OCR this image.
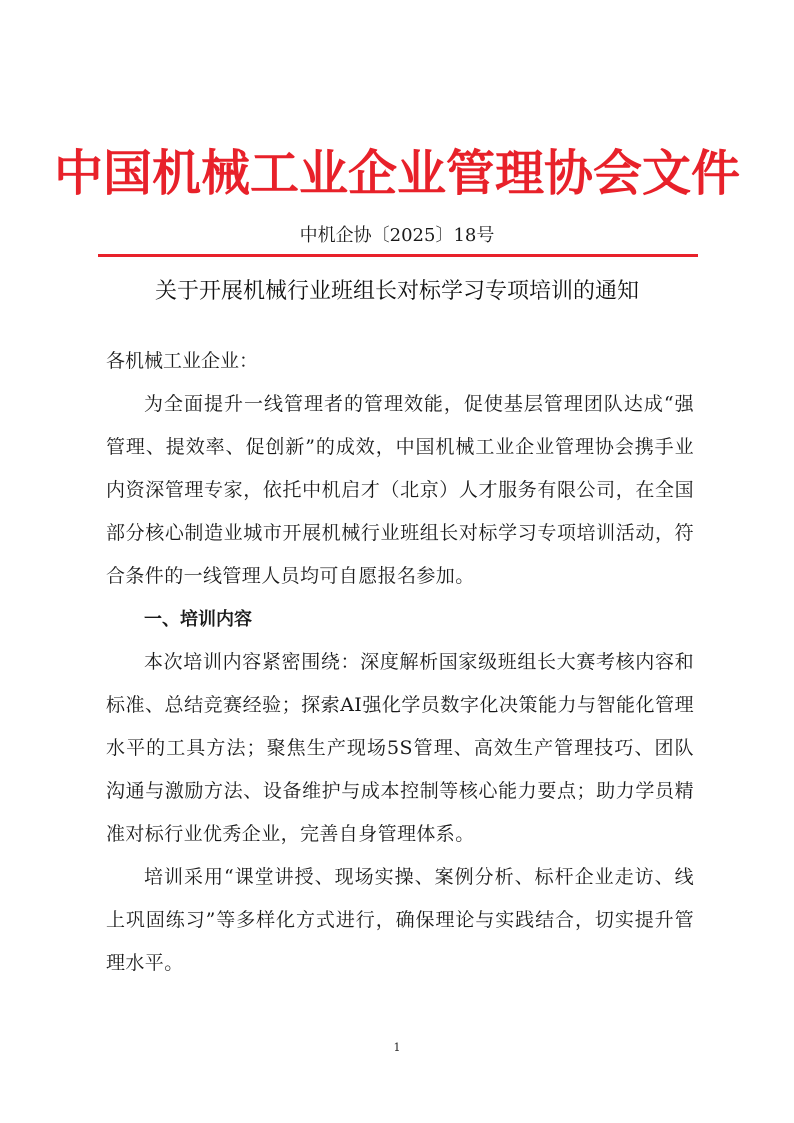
中国机械工业企业管理协会文件
中机企协〔2025〕18号
关于开展机械行业班组长对标学习专项培训的通知

各机械工业企业：

为全面提升一线管理者的管理效能，促使基层管理团队达成“强管理、提效率、促创新”的成效，中国机械工业企业管理协会携手业内资深管理专家，依托中机启才（北京）人才服务有限公司，在全国部分核心制造业城市开展机械行业班组长对标学习专项培训活动，符合条件的一线管理人员均可自愿报名参加。

一、培训内容

本次培训内容紧密围绕：深度解析国家级班组长大赛考核内容和标准、总结竞赛经验；探索AI强化学员数字化决策能力与智能化管理水平的工具方法；聚焦生产现场5S管理、高效生产管理技巧、团队沟通与激励方法、设备维护与成本控制等核心能力要点；助力学员精准对标行业优秀企业，完善自身管理体系。

培训采用“课堂讲授、现场实操、案例分析、标杆企业走访、线上巩固练习”等多样化方式进行，确保理论与实践结合，切实提升管理水平。

1
